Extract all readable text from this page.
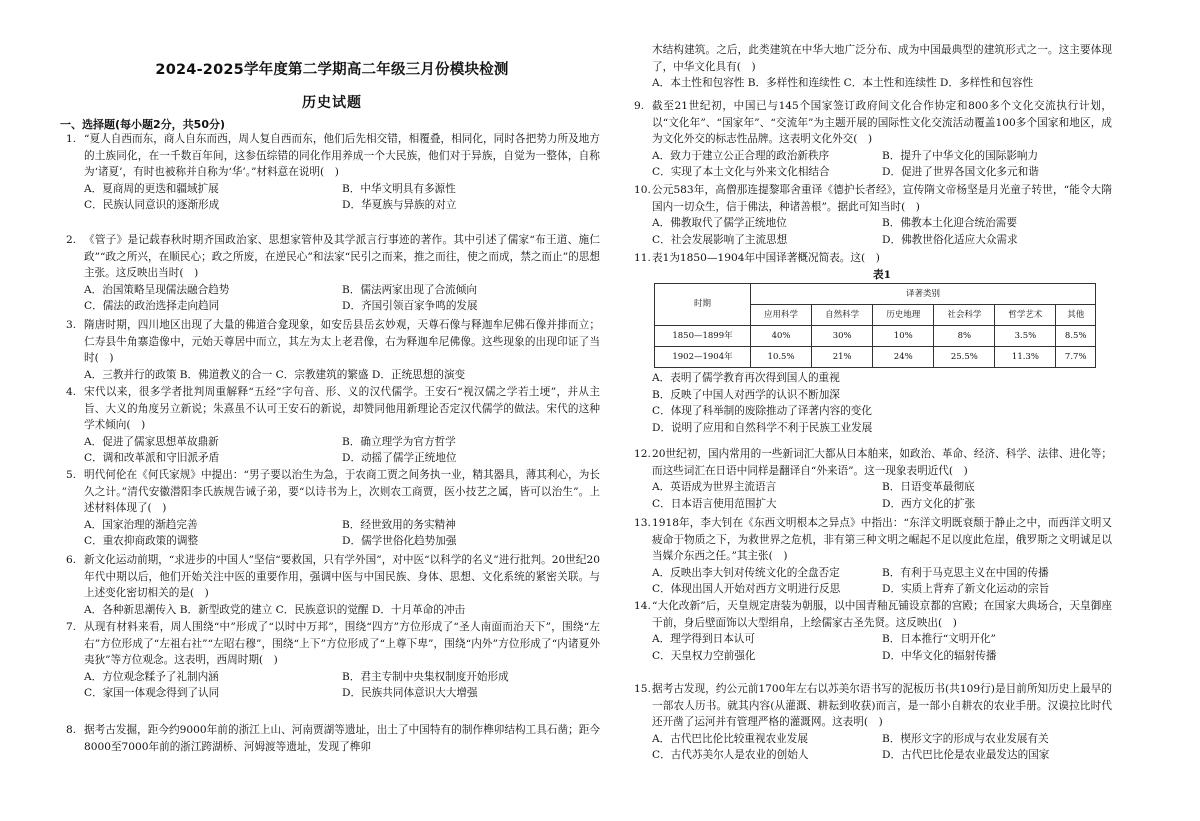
2024-2025学年度第二学期高二年级三月份模块检测
历史试题
一、选择题(每小题2分，共50分)
1. “夏人自西而东，商人自东而西，周人复自西而东，他们后先相交错，相覆叠，相同化，同时各把势力所及地方的土族同化，在一千数百年间，这参伍综错的同化作用养成一个大民族，他们对于异族，自觉为一整体，自称为‘诸夏’，有时也被称并自称为‘华’。”材料意在说明(　)
A．夏商周的更迭和疆域扩展	B．中华文明具有多源性
C．民族认同意识的逐渐形成	D．华夏族与异族的对立
2. 《管子》是记载春秋时期齐国政治家、思想家管仲及其学派言行事迹的著作。其中引述了儒家“布王道、施仁政”“政之所兴，在顺民心；政之所废，在逆民心”和法家“民引之而来，推之而往，使之而成，禁之而止”的思想主张。这反映出当时(　)
A．治国策略呈现儒法融合趋势	B．儒法两家出现了合流倾向
C．儒法的政治选择走向趋同	D．齐国引领百家争鸣的发展
3. 隋唐时期，四川地区出现了大量的佛道合龛现象，如安岳县岳玄妙观，天尊石像与释迦牟尼佛石像并排而立；仁寿县牛角寨造像中，元始天尊居中而立，其左为太上老君像，右为释迦牟尼佛像。这些现象的出现印证了当时(　)
A．三教并行的政策 B．佛道教义的合一 C．宗教建筑的繁盛 D．正统思想的演变
4. 宋代以来，很多学者批判周重解释“五经”字句音、形、义的汉代儒学。王安石“视汉儒之学若土埂”，并从主旨、大义的角度另立新说；朱熹虽不认可王安石的新说，却赞同他用新理论否定汉代儒学的做法。宋代的这种学术倾向(　)
A．促进了儒家思想革故鼎新	B．确立理学为官方哲学
C．调和改革派和守旧派矛盾	D．动摇了儒学正统地位
5. 明代何伦在《何氏家规》中提出：“男子要以治生为急，于农商工贾之间务执一业，精其器具，薄其利心，为长久之计。”清代安徽潜阳李氏族规告诫子弟，要“以诗书为上，次则农工商贾，医小技艺之属，皆可以治生”。上述材料体现了(　)
A．国家治理的渐趋完善	B．经世致用的务实精神
C．重农抑商政策的调整	D．儒学世俗化趋势加强
6. 新文化运动前期，“求进步的中国人”坚信“要救国，只有学外国”，对中医“以科学的名义”进行批判。20世纪20年代中期以后，他们开始关注中医的重要作用，强调中医与中国民族、身体、思想、文化系统的紧密关联。与上述变化密切相关的是(　)
A．各种新思潮传入 B．新型政党的建立 C．民族意识的觉醒 D．十月革命的冲击
7. 从现有材料来看，周人围绕“中”形成了“以时中万邦”，围绕“四方”方位形成了“圣人南面而治天下”，围绕“左右”方位形成了“左祖右社”“左昭右穆”，围绕“上下”方位形成了“上尊下卑”，围绕“内外”方位形成了“内诸夏外夷狄”等方位观念。这表明，西周时期(　)
A．方位观念糅予了礼制内涵	B．君主专制中央集权制度开始形成
C．家国一体观念得到了认同	D．民族共同体意识大大增强
8. 据考古发掘，距今约9000年前的浙江上山、河南贾湖等遗址，出土了中国特有的制作榫卯结构工具石凿；距今8000至7000年前的浙江跨湖桥、河姆渡等遗址，发现了榫卯
木结构建筑。之后，此类建筑在中华大地广泛分布、成为中国最典型的建筑形式之一。这主要体现了，中华文化具有(　)
A．本土性和包容性 B．多样性和连续性 C．本土性和连续性 D．多样性和包容性
9. 截至21世纪初，中国已与145个国家签订政府间文化合作协定和800多个文化交流执行计划，以“文化年”、“国家年”、“交流年”为主题开展的国际性文化交流活动覆盖100多个国家和地区，成为文化外交的标志性品牌。这表明文化外交(　)
A．致力于建立公正合理的政治新秩序	B．提升了中华文化的国际影响力
C．实现了本土文化与外来文化相结合	D．促进了世界各国文化多元和谐
10. 公元583年，高僧那连提黎耶舍重译《德护长者经》，宣传隋文帝杨坚是月光童子转世，“能令大隋国内一切众生，信于佛法，种诸善根”。据此可知当时(　)
A．佛教取代了儒学正统地位	B．佛教本土化迎合统治需要
C．社会发展影响了主流思想	D．佛教世俗化适应大众需求
11. 表1为1850—1904年中国译著概况简表。这(　)
表1
时期	译著类别					
	应用科学	自然科学	历史地理	社会科学	哲学艺术	其他
1850—1899年	40%	30%	10%	8%	3.5%	8.5%
1902—1904年	10.5%	21%	24%	25.5%	11.3%	7.7%
A．表明了儒学教育再次得到国人的重视
B．反映了中国人对西学的认识不断加深
C．体现了科举制的废除推动了译著内容的变化
D．说明了应用和自然科学不利于民族工业发展
12. 20世纪初，国内常用的一些新词汇大都从日本舶来，如政治、革命、经济、科学、法律、进化等；而这些词汇在日语中同样是翻译自“外来语”。这一现象表明近代(　)
A．英语成为世界主流语言	B．日语变革最彻底
C．日本语言使用范围扩大	D．西方文化的扩张
13. 1918年，李大钊在《东西文明根本之异点》中指出：“东洋文明既衰颓于静止之中，而西洋文明又疲命于物质之下，为救世界之危机，非有第三种文明之崛起不足以度此危崖，俄罗斯之文明诚足以当媒介东西之任。”其主张(　)
A．反映出李大钊对传统文化的全盘否定	B．有利于马克思主义在中国的传播
C．体现出国人开始对西方文明进行反思	D．实质上背弃了新文化运动的宗旨
14. “大化改新”后，天皇规定唐装为朝服，以中国青釉瓦铺设京都的宫殿；在国家大典场合，天皇御座干前，身后壁面饰以大型绢帛，上绘儒家古圣先贤。这反映出(　)
A．理学得到日本认可	B．日本推行“文明开化”
C．天皇权力空前强化	D．中华文化的辐射传播
15. 据考古发现，约公元前1700年左右以苏美尔语书写的泥板历书(共109行)是目前所知历史上最早的一部农人历书。就其内容(从灌溉、耕耘到收获)而言，是一部小自耕农的农业手册。汉谟拉比时代还开凿了运河并有管理严格的灌溉网。这表明(　)
A．古代巴比伦比较重视农业发展	B．楔形文字的形成与农业发展有关
C．古代苏美尔人是农业的创始人	D．古代巴比伦是农业最发达的国家
